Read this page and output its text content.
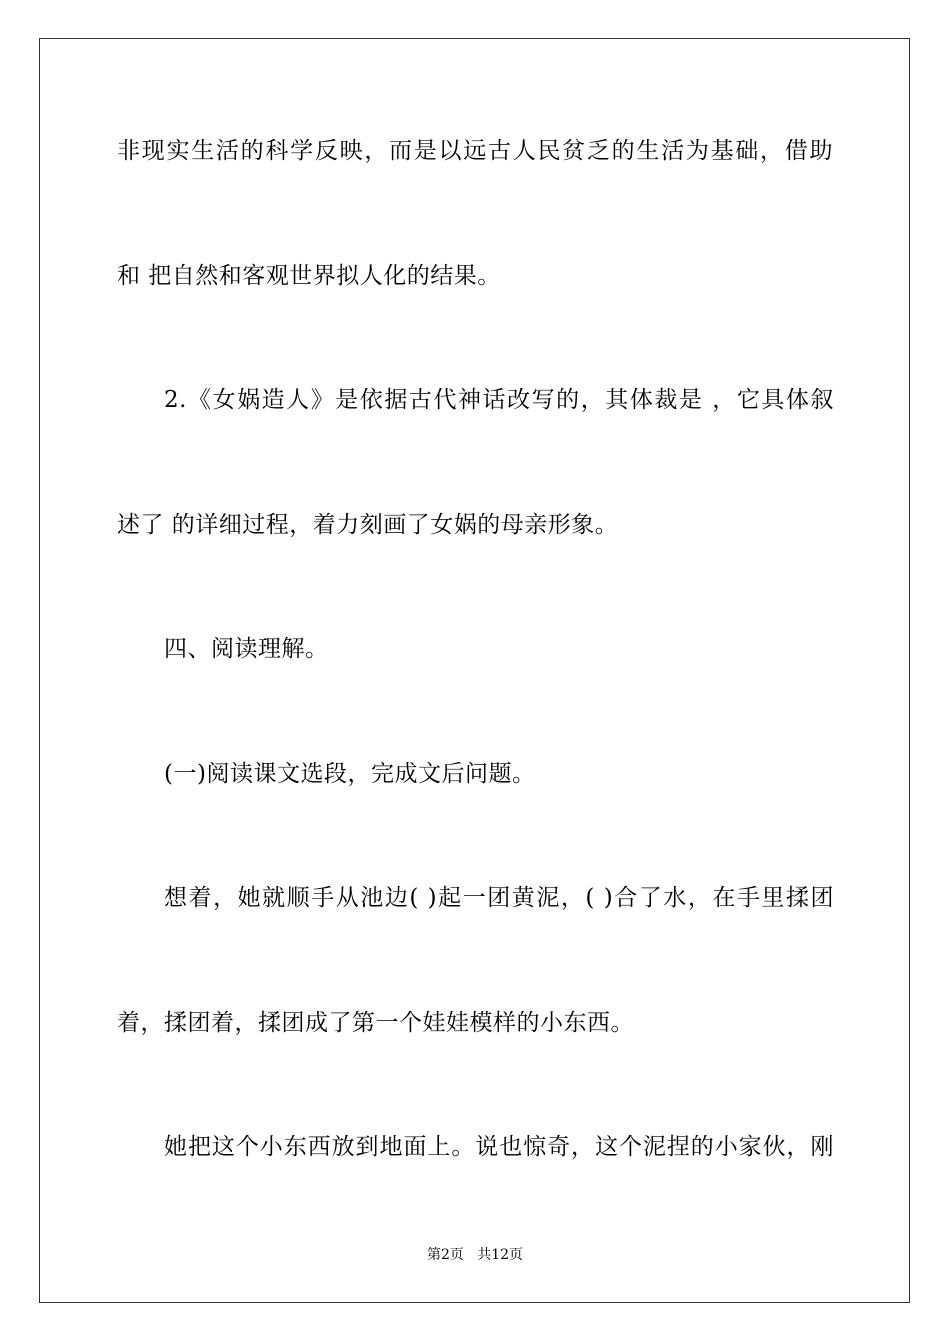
非现实生活的科学反映，而是以远古人民贫乏的生活为基础，借助
和 把自然和客观世界拟人化的结果。
2.《女娲造人》是依据古代神话改写的，其体裁是 ，它具体叙
述了 的详细过程，着力刻画了女娲的母亲形象。
四、阅读理解。
(一)阅读课文选段，完成文后问题。
想着，她就顺手从池边( )起一团黄泥，( )合了水，在手里揉团
着，揉团着，揉团成了第一个娃娃模样的小东西。
她把这个小东西放到地面上。说也惊奇，这个泥捏的小家伙，刚
第2页   共12页
